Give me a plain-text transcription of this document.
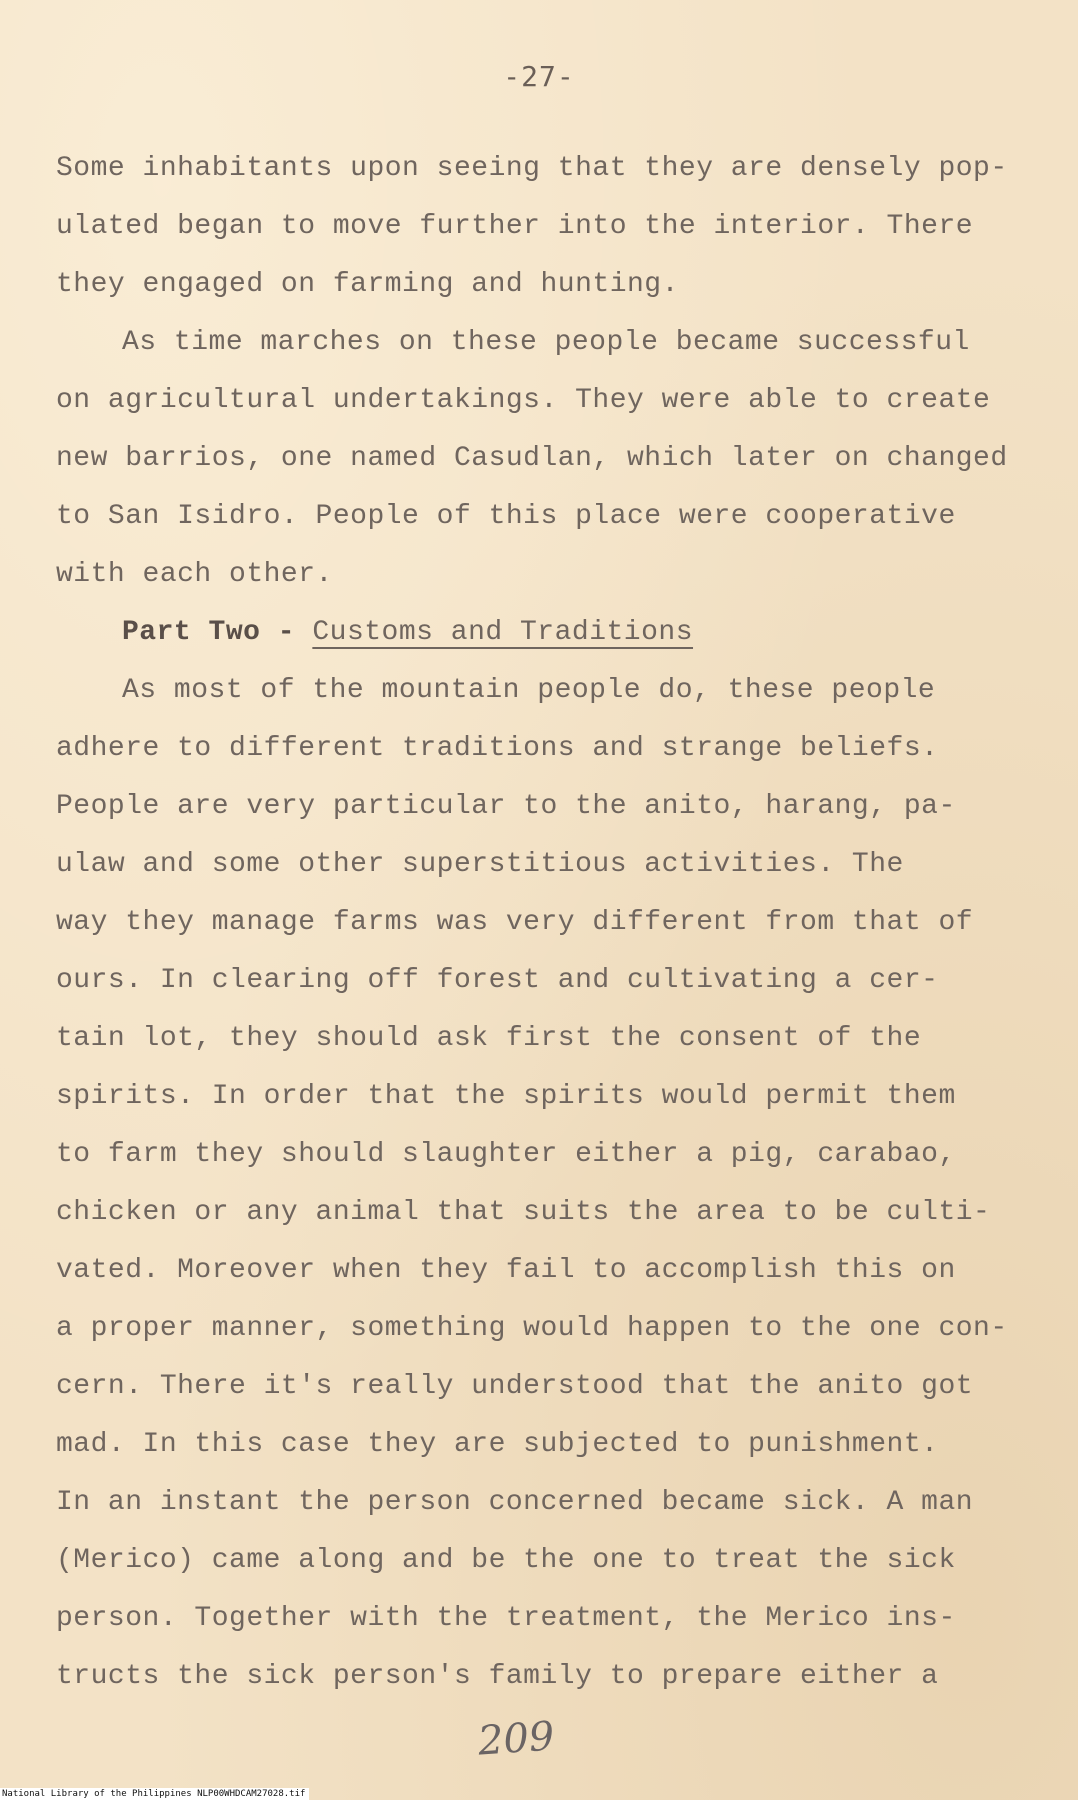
-27-

Some inhabitants upon seeing that they are densely pop-
ulated began to move further into the interior. There
they engaged on farming and hunting.

As time marches on these people became successful
on agricultural undertakings. They were able to create
new barrios, one named Casudlan, which later on changed
to San Isidro. People of this place were cooperative
with each other.

Part Two - Customs and Traditions

As most of the mountain people do, these people
adhere to different traditions and strange beliefs.
People are very particular to the anito, harang, pa-
ulaw and some other superstitious activities. The
way they manage farms was very different from that of
ours. In clearing off forest and cultivating a cer-
tain lot, they should ask first the consent of the
spirits. In order that the spirits would permit them
to farm they should slaughter either a pig, carabao,
chicken or any animal that suits the area to be culti-
vated. Moreover when they fail to accomplish this on
a proper manner, something would happen to the one con-
cern. There it's really understood that the anito got
mad. In this case they are subjected to punishment.
In an instant the person concerned became sick. A man
(Merico) came along and be the one to treat the sick
person. Together with the treatment, the Merico ins-
tructs the sick person's family to prepare either a

209
National Library of the Philippines NLP00WHDCAM27028.tif
